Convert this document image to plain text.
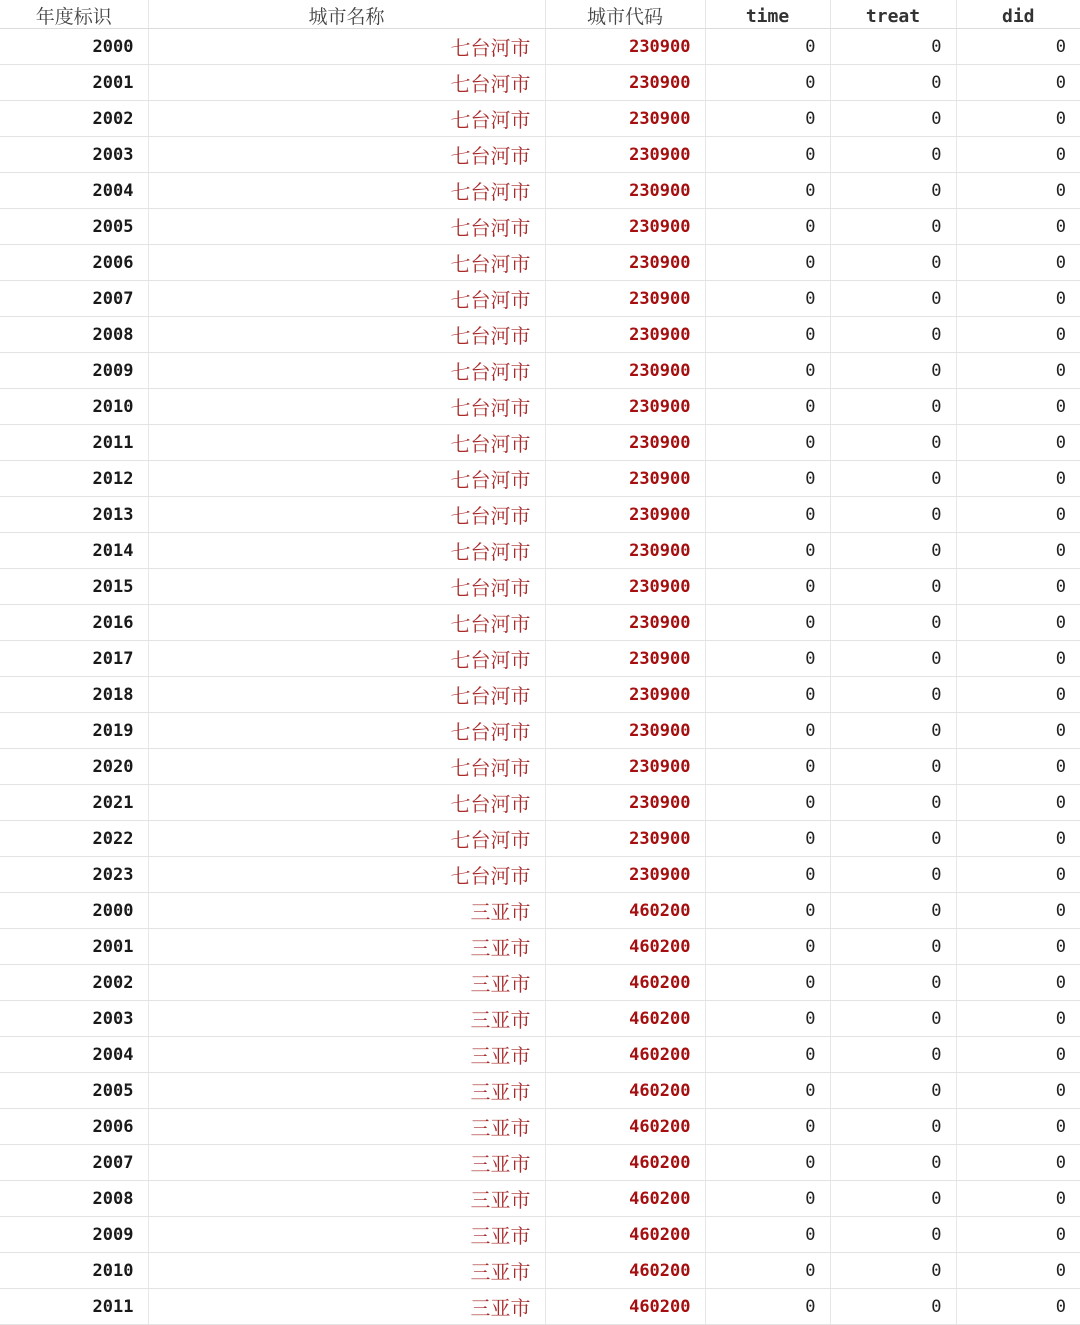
年度标识	城市名称	城市代码	time	treat	did
2000	七台河市	230900	0	0	0
2001	七台河市	230900	0	0	0
2002	七台河市	230900	0	0	0
2003	七台河市	230900	0	0	0
2004	七台河市	230900	0	0	0
2005	七台河市	230900	0	0	0
2006	七台河市	230900	0	0	0
2007	七台河市	230900	0	0	0
2008	七台河市	230900	0	0	0
2009	七台河市	230900	0	0	0
2010	七台河市	230900	0	0	0
2011	七台河市	230900	0	0	0
2012	七台河市	230900	0	0	0
2013	七台河市	230900	0	0	0
2014	七台河市	230900	0	0	0
2015	七台河市	230900	0	0	0
2016	七台河市	230900	0	0	0
2017	七台河市	230900	0	0	0
2018	七台河市	230900	0	0	0
2019	七台河市	230900	0	0	0
2020	七台河市	230900	0	0	0
2021	七台河市	230900	0	0	0
2022	七台河市	230900	0	0	0
2023	七台河市	230900	0	0	0
2000	三亚市	460200	0	0	0
2001	三亚市	460200	0	0	0
2002	三亚市	460200	0	0	0
2003	三亚市	460200	0	0	0
2004	三亚市	460200	0	0	0
2005	三亚市	460200	0	0	0
2006	三亚市	460200	0	0	0
2007	三亚市	460200	0	0	0
2008	三亚市	460200	0	0	0
2009	三亚市	460200	0	0	0
2010	三亚市	460200	0	0	0
2011	三亚市	460200	0	0	0
